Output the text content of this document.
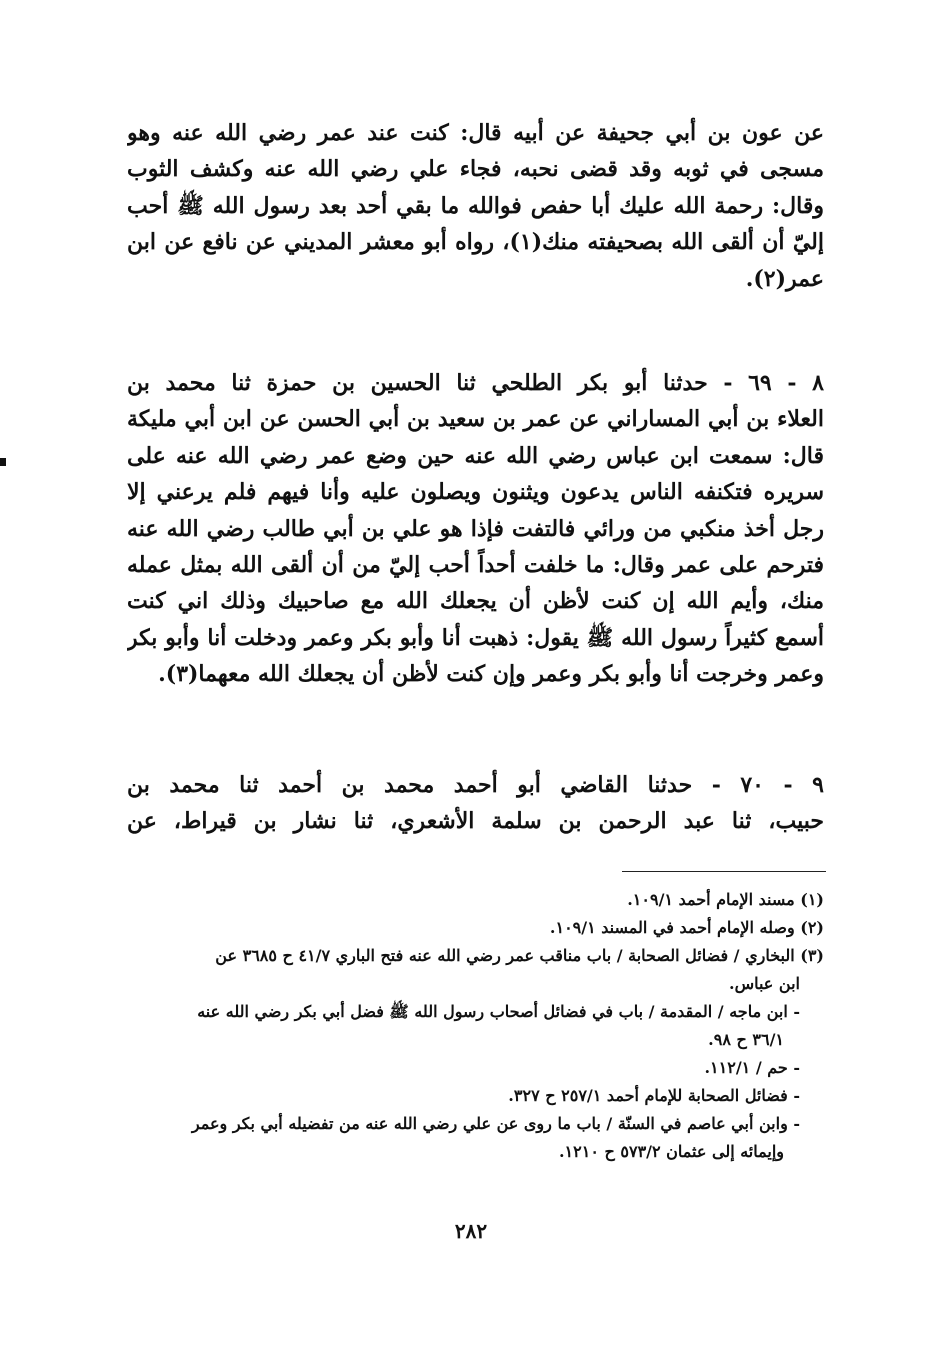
عن عون بن أبي جحيفة عن أبيه قال: كنت عند عمر رضي الله عنه وهو
مسجى في ثوبه وقد قضى نحبه، فجاء علي رضي الله عنه وكشف الثوب
وقال: رحمة الله عليك أبا حفص فوالله ما بقي أحد بعد رسول الله ﷺ أحب
إليّ أن ألقى الله بصحيفته منك(١)، رواه أبو معشر المديني عن نافع عن ابن
عمر(٢).
٨ - ٦٩ - حدثنا أبو بكر الطلحي ثنا الحسين بن حمزة ثنا محمد بن
العلاء بن أبي المساراني عن عمر بن سعيد بن أبي الحسن عن ابن أبي مليكة
قال: سمعت ابن عباس رضي الله عنه حين وضع عمر رضي الله عنه على
سريره فتكنفه الناس يدعون ويثنون ويصلون عليه وأنا فيهم فلم يرعني إلا
رجل أخذ منكبي من ورائي فالتفت فإذا هو علي بن أبي طالب رضي الله عنه
فترحم على عمر وقال: ما خلفت أحداً أحب إليّ من أن ألقى الله بمثل عمله
منك، وأيم الله إن كنت لأظن أن يجعلك الله مع صاحبيك وذلك اني كنت
أسمع كثيراً رسول الله ﷺ يقول: ذهبت أنا وأبو بكر وعمر ودخلت أنا وأبو بكر
وعمر وخرجت أنا وأبو بكر وعمر وإن كنت لأظن أن يجعلك الله معهما(٣).
٩ - ٧٠ - حدثنا القاضي أبو أحمد محمد بن أحمد ثنا محمد بن
حبيب، ثنا عبد الرحمن بن سلمة الأشعري، ثنا نشار بن قيراط، عن
(١) مسند الإمام أحمد ١٠٩/١.
(٢) وصله الإمام أحمد في المسند ١٠٩/١.
(٣) البخاري / فضائل الصحابة / باب مناقب عمر رضي الله عنه فتح الباري ٤١/٧ ح ٣٦٨٥ عن
ابن عباس.
- ابن ماجه / المقدمة / باب في فضائل أصحاب رسول الله ﷺ فضل أبي بكر رضي الله عنه
٣٦/١ ح ٩٨.
- حم / ١١٢/١.
- فضائل الصحابة للإمام أحمد ٢٥٧/١ ح ٣٢٧.
- وابن أبي عاصم في السنّة / باب ما روى عن علي رضي الله عنه من تفضيله أبي بكر وعمر
وإيمائه إلى عثمان ٥٧٣/٢ ح ١٢١٠.
٢٨٢
